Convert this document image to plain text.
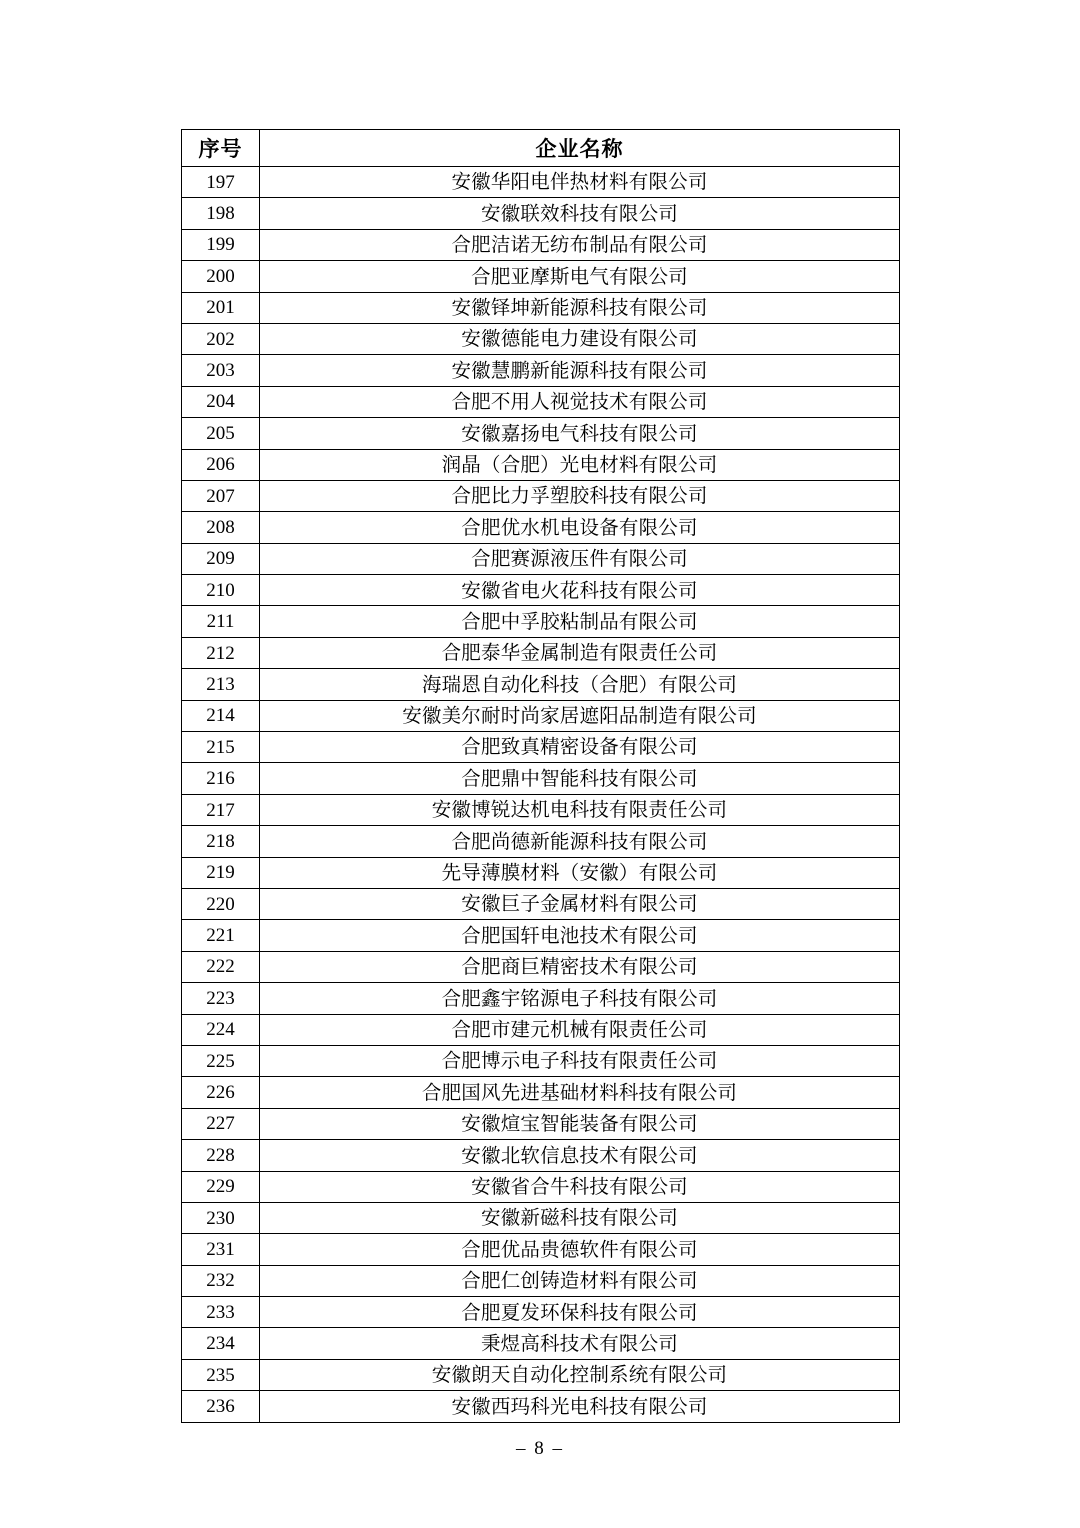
序号	企业名称
197	安徽华阳电伴热材料有限公司
198	安徽联效科技有限公司
199	合肥洁诺无纺布制品有限公司
200	合肥亚摩斯电气有限公司
201	安徽铎坤新能源科技有限公司
202	安徽德能电力建设有限公司
203	安徽慧鹏新能源科技有限公司
204	合肥不用人视觉技术有限公司
205	安徽嘉扬电气科技有限公司
206	润晶（合肥）光电材料有限公司
207	合肥比力孚塑胶科技有限公司
208	合肥优水机电设备有限公司
209	合肥赛源液压件有限公司
210	安徽省电火花科技有限公司
211	合肥中孚胶粘制品有限公司
212	合肥泰华金属制造有限责任公司
213	海瑞恩自动化科技（合肥）有限公司
214	安徽美尔耐时尚家居遮阳品制造有限公司
215	合肥致真精密设备有限公司
216	合肥鼎中智能科技有限公司
217	安徽博锐达机电科技有限责任公司
218	合肥尚德新能源科技有限公司
219	先导薄膜材料（安徽）有限公司
220	安徽巨子金属材料有限公司
221	合肥国轩电池技术有限公司
222	合肥商巨精密技术有限公司
223	合肥鑫宇铭源电子科技有限公司
224	合肥市建元机械有限责任公司
225	合肥博示电子科技有限责任公司
226	合肥国风先进基础材料科技有限公司
227	安徽煊宝智能装备有限公司
228	安徽北软信息技术有限公司
229	安徽省合牛科技有限公司
230	安徽新磁科技有限公司
231	合肥优品贵德软件有限公司
232	合肥仁创铸造材料有限公司
233	合肥夏发环保科技有限公司
234	秉煜高科技术有限公司
235	安徽朗天自动化控制系统有限公司
236	安徽西玛科光电科技有限公司
– 8 –
